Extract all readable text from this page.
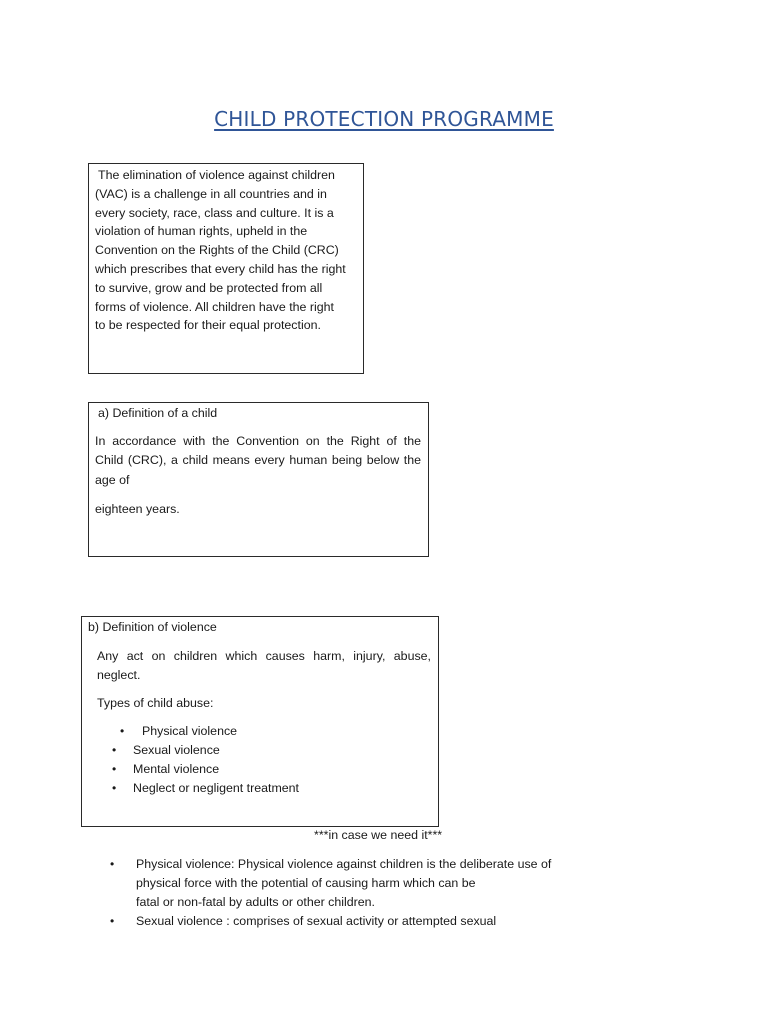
CHILD PROTECTION PROGRAMME

The elimination of violence against children

(VAC) is a challenge in all countries and in

every society, race, class and culture. It is a

violation of human rights, upheld in the

Convention on the Rights of the Child (CRC)

which prescribes that every child has the right

to survive, grow and be protected from all

forms of violence. All children have the right

to be respected for their equal protection.

a) Definition of a child

In accordance with the Convention on the Right of the Child (CRC), a child means every human being below the age of

eighteen years.

b) Definition of violence

Any act on children which causes harm, injury, abuse, neglect.

Types of child abuse:

• Physical violence
• Sexual violence
• Mental violence
• Neglect or negligent treatment
***in case we need it***
• Physical violence: Physical violence against children is the deliberate use of
physical force with the potential of causing harm which can be
fatal or non-fatal by adults or other children.
• Sexual violence : comprises of sexual activity or attempted sexual
